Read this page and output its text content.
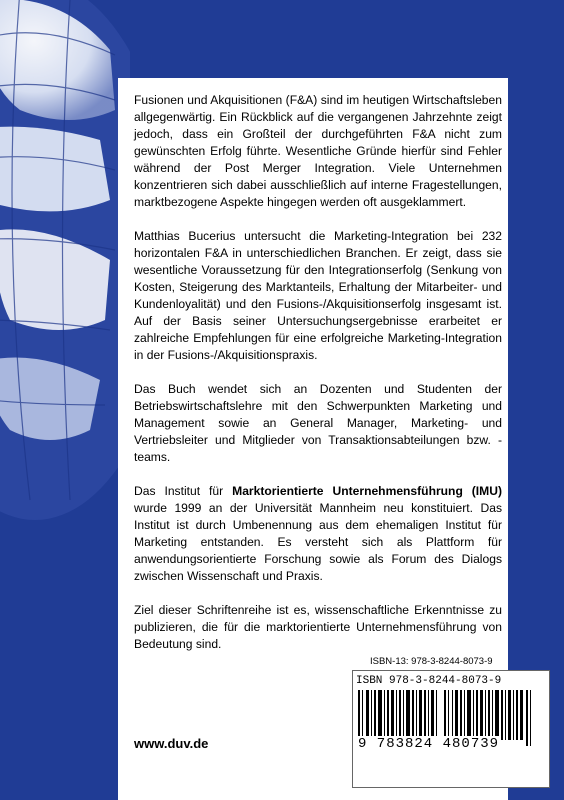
Fusionen und Akquisitionen (F&A) sind im heutigen Wirtschaftsleben allgegenwärtig. Ein Rückblick auf die vergangenen Jahrzehnte zeigt jedoch, dass ein Großteil der durchgeführten F&A nicht zum gewünschten Erfolg führte. Wesentliche Gründe hierfür sind Fehler während der Post Merger Integration. Viele Unternehmen konzentrieren sich dabei ausschließlich auf interne Fragestellungen, marktbezogene Aspekte hingegen werden oft ausgeklammert.

Matthias Bucerius untersucht die Marketing-Integration bei 232 horizontalen F&A in unterschiedlichen Branchen. Er zeigt, dass sie wesentliche Voraussetzung für den Integrationserfolg (Senkung von Kosten, Steigerung des Marktanteils, Erhaltung der Mitarbeiter- und Kundenloyalität) und den Fusions-/Akquisitionserfolg insgesamt ist. Auf der Basis seiner Untersuchungsergebnisse erarbeitet er zahlreiche Empfehlungen für eine erfolgreiche Marketing-Integration in der Fusions-/Akquisitionspraxis.

Das Buch wendet sich an Dozenten und Studenten der Betriebswirtschaftslehre mit den Schwerpunkten Marketing und Management sowie an General Manager, Marketing- und Vertriebsleiter und Mitglieder von Transaktionsabteilungen bzw. -teams.

Das Institut für Marktorientierte Unternehmensführung (IMU) wurde 1999 an der Universität Mannheim neu konstituiert. Das Institut ist durch Umbenennung aus dem ehemaligen Institut für Marketing entstanden. Es versteht sich als Plattform für anwendungsorientierte Forschung sowie als Forum des Dialogs zwischen Wissenschaft und Praxis.

Ziel dieser Schriftenreihe ist es, wissenschaftliche Erkenntnisse zu publizieren, die für die marktorientierte Unternehmensführung von Bedeutung sind.

ISBN-13: 978-3-8244-8073-9
ISBN 978-3-8244-8073-9
9 783824 480739
www.duv.de
